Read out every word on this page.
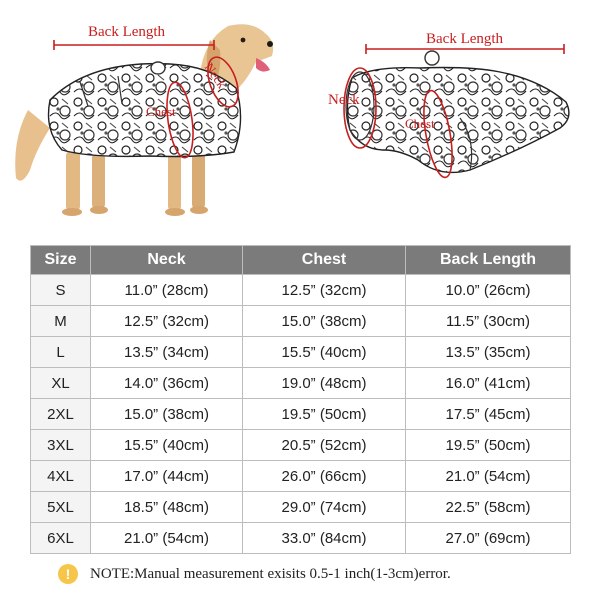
Back Length
Neck
Chest
Back Length
Neck
Chest
Size	Neck	Chest	Back Length
S	11.0” (28cm)	12.5” (32cm)	10.0” (26cm)
M	12.5” (32cm)	15.0” (38cm)	11.5” (30cm)
L	13.5” (34cm)	15.5” (40cm)	13.5” (35cm)
XL	14.0” (36cm)	19.0” (48cm)	16.0” (41cm)
2XL	15.0” (38cm)	19.5” (50cm)	17.5” (45cm)
3XL	15.5” (40cm)	20.5” (52cm)	19.5” (50cm)
4XL	17.0” (44cm)	26.0” (66cm)	21.0” (54cm)
5XL	18.5” (48cm)	29.0” (74cm)	22.5” (58cm)
6XL	21.0” (54cm)	33.0” (84cm)	27.0” (69cm)
!	NOTE:Manual measurement exisits 0.5-1 inch(1-3cm)error.
